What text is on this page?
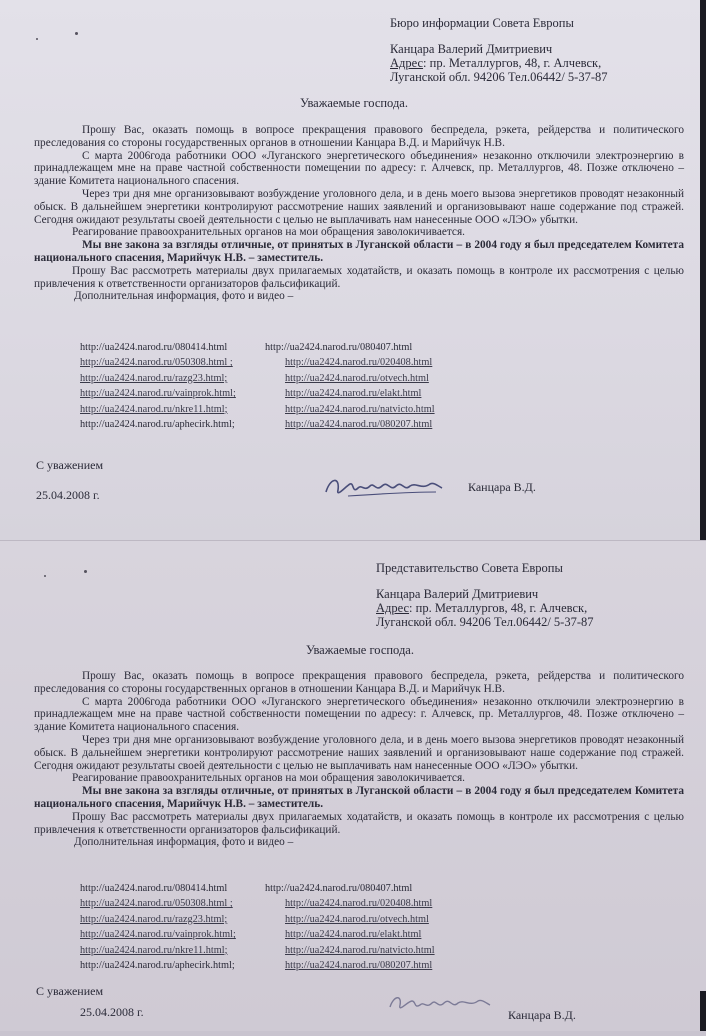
Бюро информации Совета Европы
Канцара Валерий Дмитриевич
Адрес: пр. Металлургов, 48, г. Алчевск,
Луганской обл. 94206 Тел.06442/ 5-37-87
Уважаемые господа.

Прошу Вас, оказать помощь в вопросе прекращения правового беспредела, рэкета, рейдерства и политического преследования со стороны государственных органов в отношении Канцара В.Д. и Марийчук Н.В.

С марта 2006года работники ООО «Луганского энергетического объединения» незаконно отключили электроэнергию в принадлежащем мне на праве частной собственности помещении по адресу: г. Алчевск, пр. Металлургов, 48. Позже отключено – здание Комитета национального спасения.

Через три дня мне организовывают возбуждение уголовного дела, и в день моего вызова энергетиков проводят незаконный обыск. В дальнейшем энергетики контролируют рассмотрение наших заявлений и организовывают наше содержание под стражей. Сегодня ожидают результаты своей деятельности с целью не выплачивать нам нанесенные ООО «ЛЭО» убытки.

Реагирование правоохранительных органов на мои обращения заволокичивается.

Мы вне закона за взгляды отличные, от принятых в Луганской области – в 2004 году я был председателем Комитета национального спасения, Марийчук Н.В. – заместитель.

Прошу Вас рассмотреть материалы двух прилагаемых ходатайств, и оказать помощь в контроле их рассмотрения с целью привлечения к ответственности организаторов фальсификаций.

Дополнительная информация, фото и видео –

http://ua2424.narod.ru/080414.html	http://ua2424.narod.ru/080407.html
http://ua2424.narod.ru/050308.html ;	http://ua2424.narod.ru/020408.html
http://ua2424.narod.ru/razg23.html;	http://ua2424.narod.ru/otvech.html
http://ua2424.narod.ru/vainprok.html;	http://ua2424.narod.ru/elakt.html
http://ua2424.narod.ru/nkre11.html;	http://ua2424.narod.ru/natvicto.html
http://ua2424.narod.ru/aphecirk.html;	http://ua2424.narod.ru/080207.html
С уважением
25.04.2008 г.
Канцара В.Д.
Представительство Совета Европы
Канцара Валерий Дмитриевич
Адрес: пр. Металлургов, 48, г. Алчевск,
Луганской обл. 94206 Тел.06442/ 5-37-87
Уважаемые господа.

Прошу Вас, оказать помощь в вопросе прекращения правового беспредела, рэкета, рейдерства и политического преследования со стороны государственных органов в отношении Канцара В.Д. и Марийчук Н.В.

С марта 2006года работники ООО «Луганского энергетического объединения» незаконно отключили электроэнергию в принадлежащем мне на праве частной собственности помещении по адресу: г. Алчевск, пр. Металлургов, 48. Позже отключено – здание Комитета национального спасения.

Через три дня мне организовывают возбуждение уголовного дела, и в день моего вызова энергетиков проводят незаконный обыск. В дальнейшем энергетики контролируют рассмотрение наших заявлений и организовывают наше содержание под стражей. Сегодня ожидают результаты своей деятельности с целью не выплачивать нам нанесенные ООО «ЛЭО» убытки.

Реагирование правоохранительных органов на мои обращения заволокичивается.

Мы вне закона за взгляды отличные, от принятых в Луганской области – в 2004 году я был председателем Комитета национального спасения, Марийчук Н.В. – заместитель.

Прошу Вас рассмотреть материалы двух прилагаемых ходатайств, и оказать помощь в контроле их рассмотрения с целью привлечения к ответственности организаторов фальсификаций.

Дополнительная информация, фото и видео –

http://ua2424.narod.ru/080414.html	http://ua2424.narod.ru/080407.html
http://ua2424.narod.ru/050308.html ;	http://ua2424.narod.ru/020408.html
http://ua2424.narod.ru/razg23.html;	http://ua2424.narod.ru/otvech.html
http://ua2424.narod.ru/vainprok.html;	http://ua2424.narod.ru/elakt.html
http://ua2424.narod.ru/nkre11.html;	http://ua2424.narod.ru/natvicto.html
http://ua2424.narod.ru/aphecirk.html;	http://ua2424.narod.ru/080207.html
С уважением
25.04.2008 г.	Канцара В.Д.
